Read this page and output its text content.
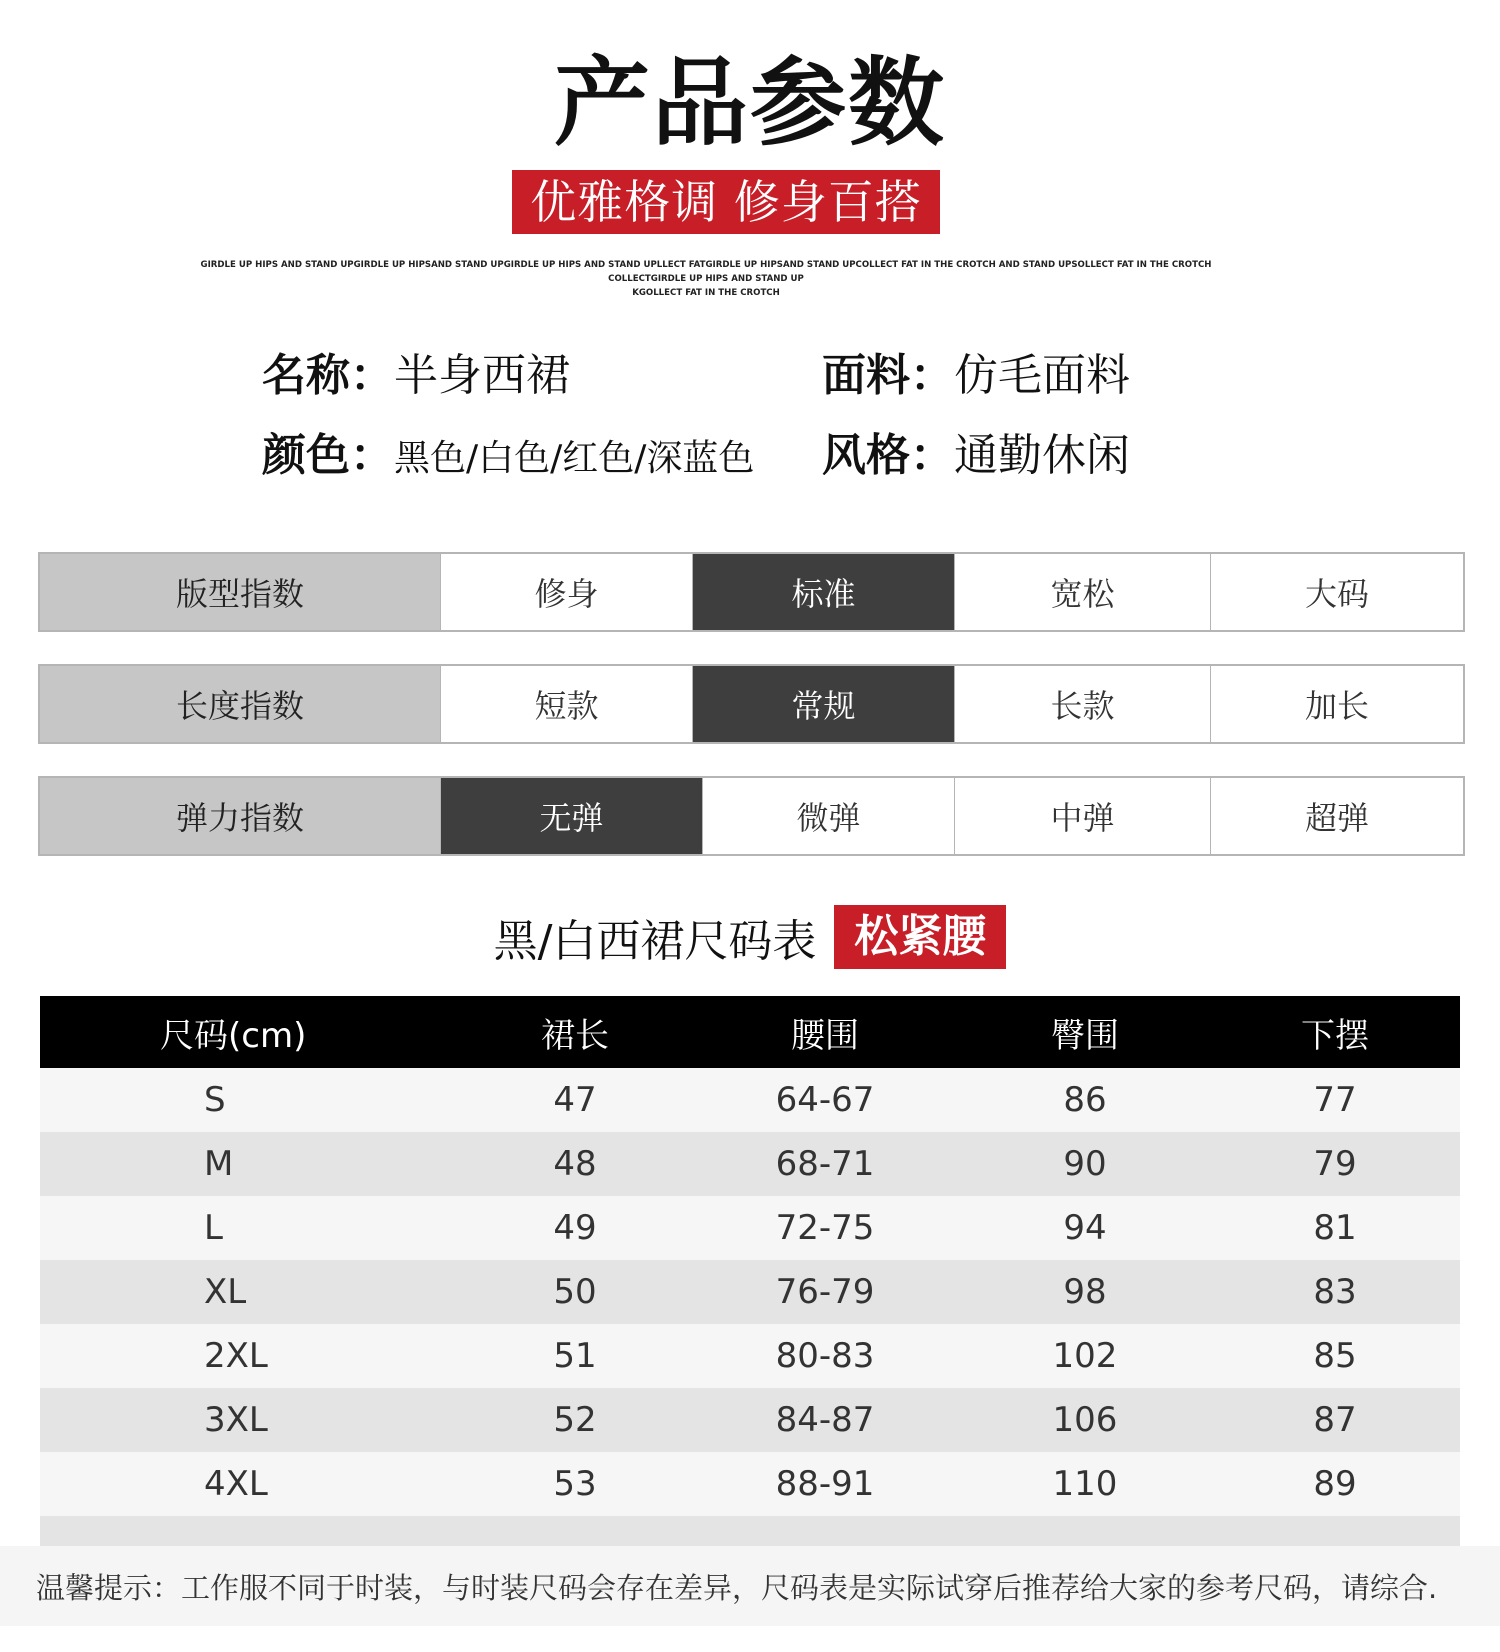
产品参数
优雅格调 修身百搭
GIRDLE UP HIPS AND STAND UPGIRDLE UP HIPSAND STAND UPGIRDLE UP HIPS AND STAND UPLLECT FATGIRDLE UP HIPSAND STAND UPCOLLECT FAT IN THE CROTCH AND STAND UPSOLLECT FAT IN THE CROTCH
COLLECTGIRDLE UP HIPS AND STAND UP
KGOLLECT FAT IN THE CROTCH
名称：半身西裙	面料：仿毛面料
颜色：黑色/白色/红色/深蓝色 风格：通勤休闲
版型指数	修身	标准	宽松	大码
长度指数	短款	常规	长款	加长
弹力指数	无弹	微弹	中弹	超弹
黑/白西裙尺码表 松紧腰
尺码(cm)	裙长	腰围	臀围	下摆
S	47	64-67	86	77
M	48	68-71	90	79
L	49	72-75	94	81
XL	50	76-79	98	83
2XL	51	80-83	102	85
3XL	52	84-87	106	87
4XL	53	88-91	110	89
温馨提示：工作服不同于时装，与时装尺码会存在差异，尺码表是实际试穿后推荐给大家的参考尺码，请综合.
